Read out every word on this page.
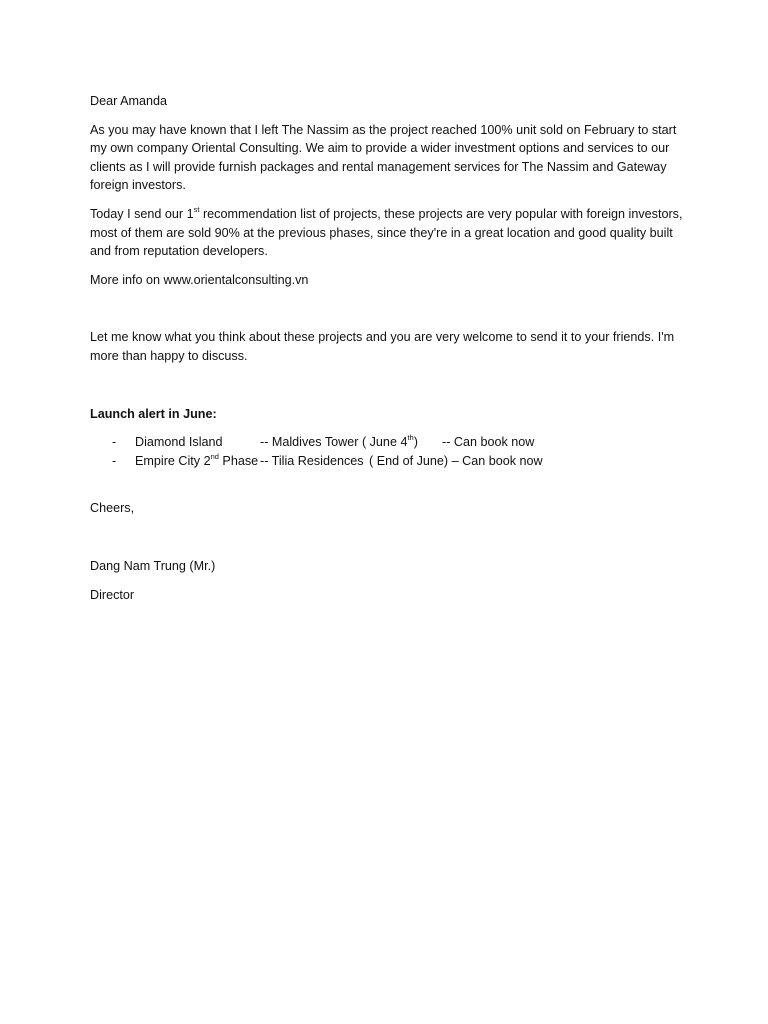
Dear Amanda

As you may have known that I left The Nassim as the project reached 100% unit sold on February to start my own company Oriental Consulting. We aim to provide a wider investment options and services to our clients as I will provide furnish packages and rental management services for The Nassim and Gateway foreign investors.

Today I send our 1st recommendation list of projects, these projects are very popular with foreign investors, most of them are sold 90% at the previous phases, since they're in a great location and good quality built and from reputation developers.

More info on www.orientalconsulting.vn

Let me know what you think about these projects and you are very welcome to send it to your friends. I'm more than happy to discuss.

Launch alert in June:

- Diamond Island	-- Maldives Tower ( June 4th) -- Can book now
- Empire City 2nd Phase -- Tilia Residences ( End of June) – Can book now

Cheers,

Dang Nam Trung (Mr.)

Director
